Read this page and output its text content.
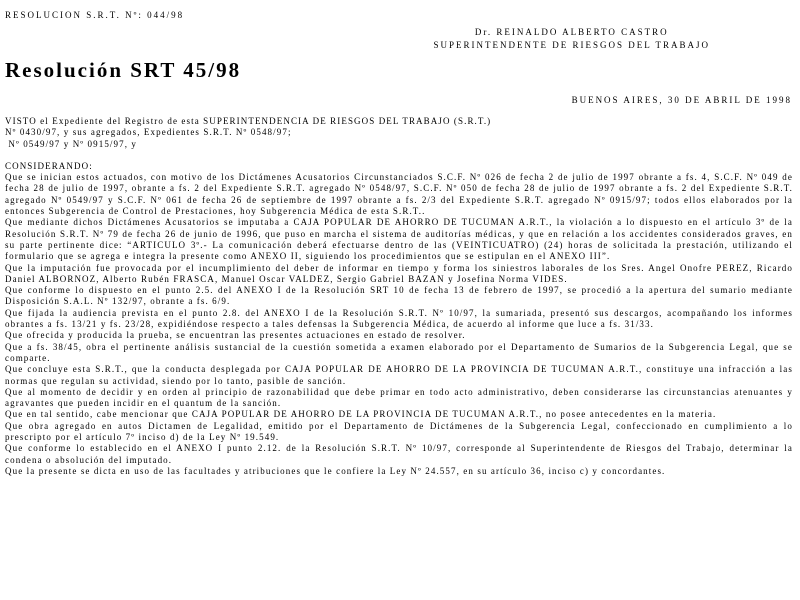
RESOLUCION S.R.T. Nº: 044/98
Dr. REINALDO ALBERTO CASTRO
SUPERINTENDENTE DE RIESGOS DEL TRABAJO
Resolución SRT 45/98
BUENOS AIRES, 30 DE ABRIL DE 1998

VISTO el Expediente del Registro de esta SUPERINTENDENCIA DE RIESGOS DEL TRABAJO (S.R.T.)

Nº 0430/97, y sus agregados, Expedientes S.R.T. Nº 0548/97;

Nº 0549/97 y Nº 0915/97, y

CONSIDERANDO:

Que se inician estos actuados, con motivo de los Dictámenes Acusatorios Circunstanciados S.C.F. Nº 026 de fecha 2 de julio de 1997 obrante a fs. 4, S.C.F. Nº 049 de fecha 28 de julio de 1997, obrante a fs. 2 del Expediente S.R.T. agregado Nº 0548/97, S.C.F. Nº 050 de fecha 28 de julio de 1997 obrante a fs. 2 del Expediente S.R.T. agregado Nº 0549/97 y S.C.F. Nº 061 de fecha 26 de septiembre de 1997 obrante a fs. 2/3 del Expediente S.R.T. agregado Nº 0915/97; todos ellos elaborados por la entonces Subgerencia de Control de Prestaciones, hoy Subgerencia Médica de esta S.R.T..

Que mediante dichos Dictámenes Acusatorios se imputaba a CAJA POPULAR DE AHORRO DE TUCUMAN A.R.T., la violación a lo dispuesto en el artículo 3º de la Resolución S.R.T. Nº 79 de fecha 26 de junio de 1996, que puso en marcha el sistema de auditorías médicas, y que en relación a los accidentes considerados graves, en su parte pertinente dice: “ARTICULO 3º.- La comunicación deberá efectuarse dentro de las (VEINTICUATRO) (24) horas de solicitada la prestación, utilizando el formulario que se agrega e integra la presente como ANEXO II, siguiendo los procedimientos que se estipulan en el ANEXO III”.

Que la imputación fue provocada por el incumplimiento del deber de informar en tiempo y forma los siniestros laborales de los Sres. Angel Onofre PEREZ, Ricardo Daniel ALBORNOZ, Alberto Rubén FRASCA, Manuel Oscar VALDEZ, Sergio Gabriel BAZAN y Josefina Norma VIDES.

Que conforme lo dispuesto en el punto 2.5. del ANEXO I de la Resolución SRT 10 de fecha 13 de febrero de 1997, se procedió a la apertura del sumario mediante Disposición S.A.L. Nº 132/97, obrante a fs. 6/9.

Que fijada la audiencia prevista en el punto 2.8. del ANEXO I de la Resolución S.R.T. Nº 10/97, la sumariada, presentó sus descargos, acompañando los informes obrantes a fs. 13/21 y fs. 23/28, expidiéndose respecto a tales defensas la Subgerencia Médica, de acuerdo al informe que luce a fs. 31/33.

Que ofrecida y producida la prueba, se encuentran las presentes actuaciones en estado de resolver.

Que a fs. 38/45, obra el pertinente análisis sustancial de la cuestión sometida a examen elaborado por el Departamento de Sumarios de la Subgerencia Legal, que se comparte.

Que concluye esta S.R.T., que la conducta desplegada por CAJA POPULAR DE AHORRO DE LA PROVINCIA DE TUCUMAN A.R.T., constituye una infracción a las normas que regulan su actividad, siendo por lo tanto, pasible de sanción.

Que al momento de decidir y en orden al principio de razonabilidad que debe primar en todo acto administrativo, deben considerarse las circunstancias atenuantes y agravantes que pueden incidir en el quantum de la sanción.

Que en tal sentido, cabe mencionar que CAJA POPULAR DE AHORRO DE LA PROVINCIA DE TUCUMAN A.R.T., no posee antecedentes en la materia.

Que obra agregado en autos Dictamen de Legalidad, emitido por el Departamento de Dictámenes de la Subgerencia Legal, confeccionado en cumplimiento a lo prescripto por el artículo 7º inciso d) de la Ley Nº 19.549.

Que conforme lo establecido en el ANEXO I punto 2.12. de la Resolución S.R.T. Nº 10/97, corresponde al Superintendente de Riesgos del Trabajo, determinar la condena o absolución del imputado.

Que la presente se dicta en uso de las facultades y atribuciones que le confiere la Ley Nº 24.557, en su artículo 36, inciso c) y concordantes.
